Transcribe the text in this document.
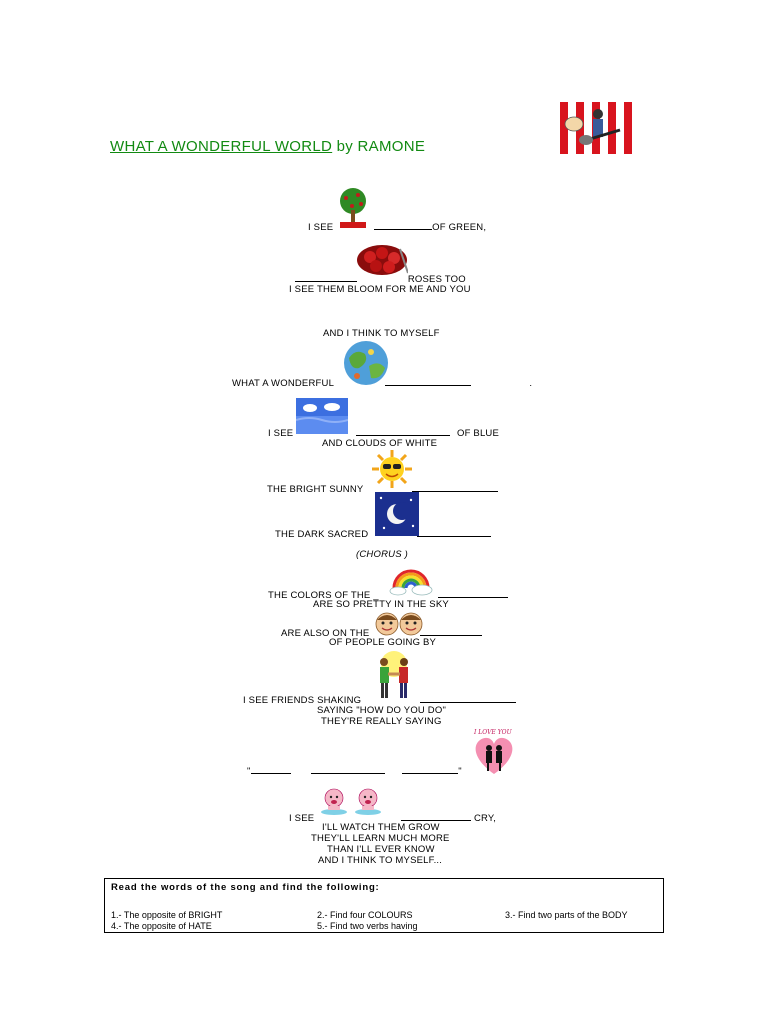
WHAT A WONDERFUL WORLD by RAMONE
I SEE	OF GREEN,
ROSES TOO
I SEE THEM BLOOM FOR ME AND YOU
AND I THINK TO MYSELF
WHAT A WONDERFUL	.
I SEE	OF BLUE
AND CLOUDS OF WHITE
THE BRIGHT SUNNY
THE DARK SACRED
(CHORUS )
THE COLORS OF THE _
ARE SO PRETTY IN THE SKY
ARE ALSO ON THE
OF PEOPLE GOING BY
I SEE FRIENDS SHAKING
SAYING "HOW DO YOU DO"
THEY'RE REALLY SAYING
I LOVE YOU
"	"
I SEE	CRY,
I'LL WATCH THEM GROW
THEY'LL LEARN MUCH MORE
THAN I'LL EVER KNOW
AND I THINK TO MYSELF...
Read the words of the song and find the following:
1.- The opposite of BRIGHT	2.- Find four COLOURS	3.- Find two parts of the BODY
4.- The opposite of HATE	5.- Find two verbs having
